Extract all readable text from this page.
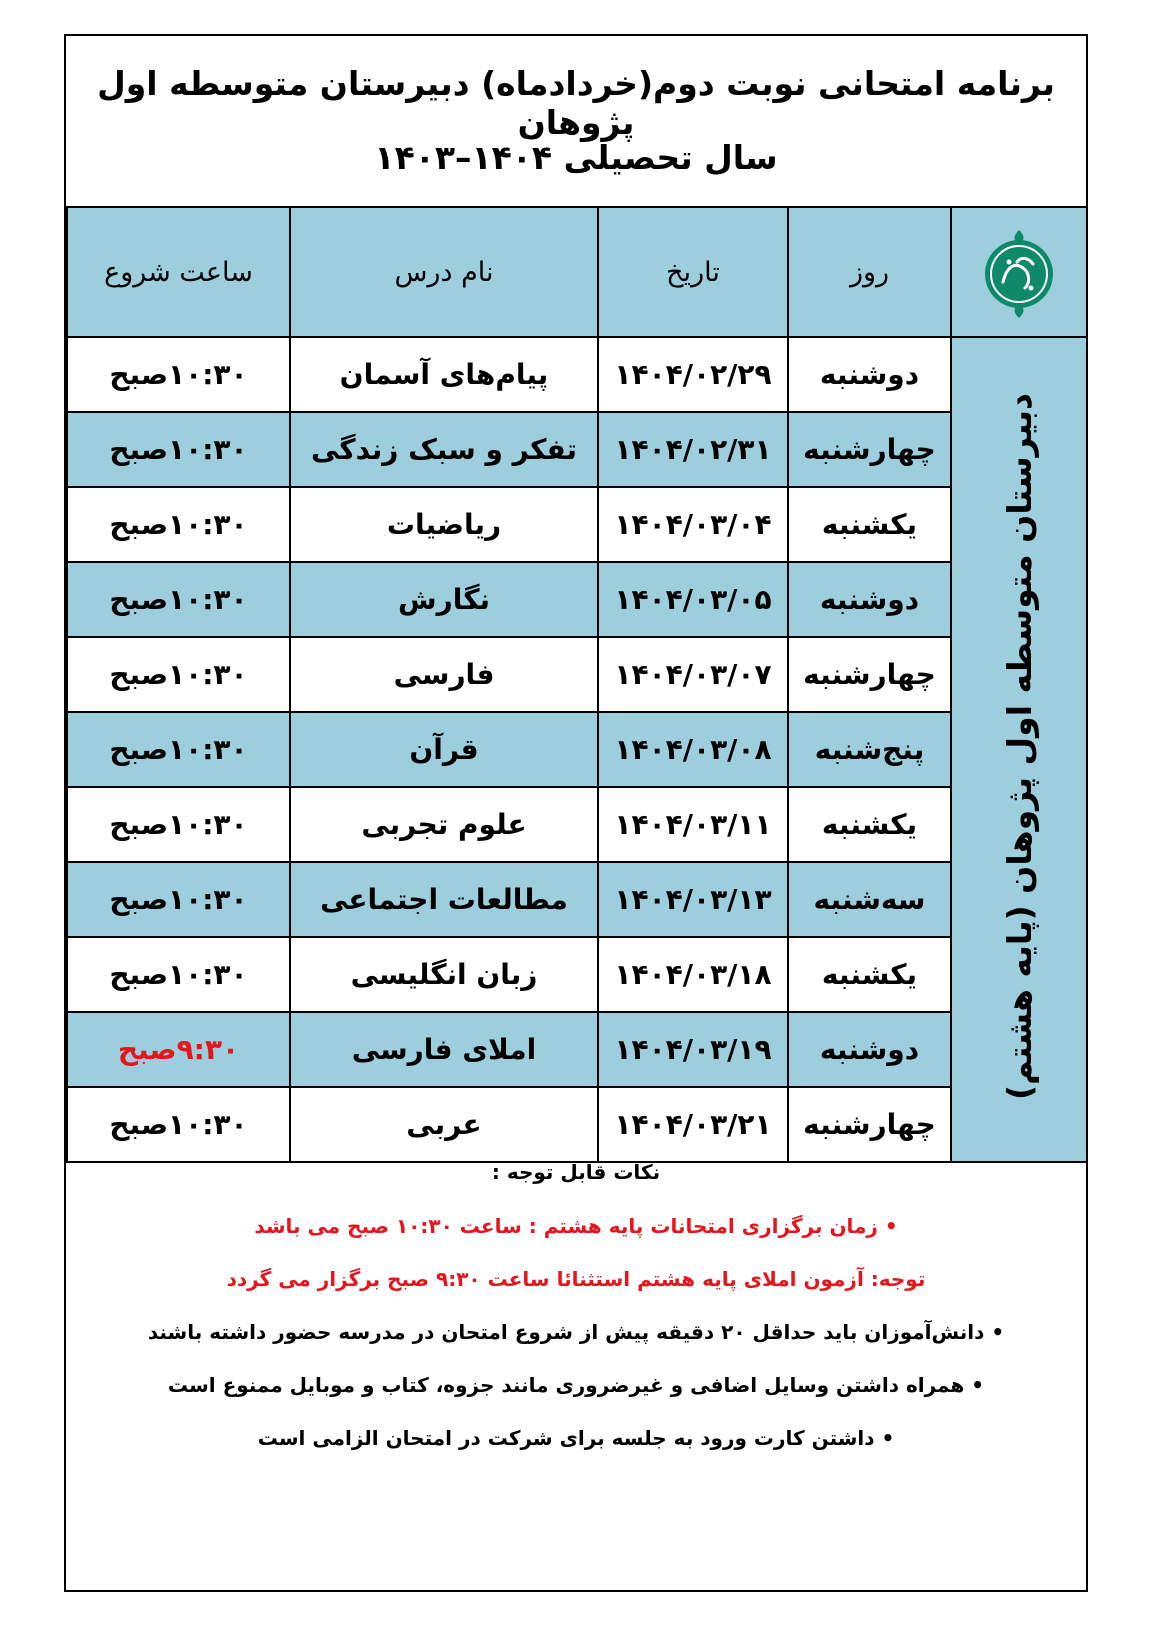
برنامه امتحانی نوبت دوم(خردادماه) دبیرستان متوسطه اول پژوهان
سال تحصیلی ۱۴۰۴–۱۴۰۳
	روز	تاریخ	نام درس	ساعت شروع
دبیرستان متوسطه اول پژوهان (پایه هشتم)	دوشنبه	۱۴۰۴/۰۲/۲۹	پیام‌های آسمان	۱۰:۳۰صبح
	چهارشنبه	۱۴۰۴/۰۲/۳۱	تفکر و سبک زندگی	۱۰:۳۰صبح
	یکشنبه	۱۴۰۴/۰۳/۰۴	ریاضیات	۱۰:۳۰صبح
	دوشنبه	۱۴۰۴/۰۳/۰۵	نگارش	۱۰:۳۰صبح
	چهارشنبه	۱۴۰۴/۰۳/۰۷	فارسی	۱۰:۳۰صبح
	پنج‌شنبه	۱۴۰۴/۰۳/۰۸	قرآن	۱۰:۳۰صبح
	یکشنبه	۱۴۰۴/۰۳/۱۱	علوم تجربی	۱۰:۳۰صبح
	سه‌شنبه	۱۴۰۴/۰۳/۱۳	مطالعات اجتماعی	۱۰:۳۰صبح
	یکشنبه	۱۴۰۴/۰۳/۱۸	زبان انگلیسی	۱۰:۳۰صبح
	دوشنبه	۱۴۰۴/۰۳/۱۹	املای فارسی	۹:۳۰صبح
	چهارشنبه	۱۴۰۴/۰۳/۲۱	عربی	۱۰:۳۰صبح
نکات قابل توجه :
• زمان برگزاری امتحانات پایه هشتم : ساعت ۱۰:۳۰ صبح می باشد
توجه: آزمون املای پایه هشتم استثنائا ساعت ۹:۳۰ صبح برگزار می گردد
• دانش‌آموزان باید حداقل ۲۰ دقیقه پیش از شروع امتحان در مدرسه حضور داشته باشند
• همراه داشتن وسایل اضافی و غیرضروری مانند جزوه، کتاب و موبایل ممنوع است
• داشتن کارت ورود به جلسه برای شرکت در امتحان الزامی است
